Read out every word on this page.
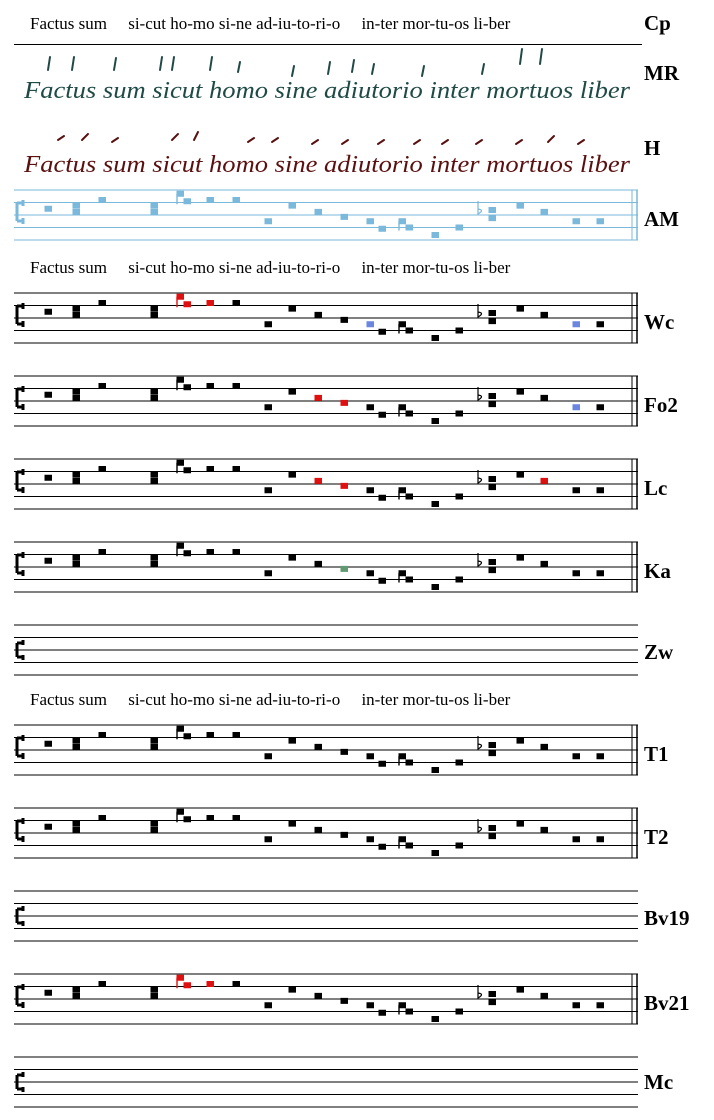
Factus sum     si-cut ho-mo si-ne ad-iu-to-ri-o     in-ter mor-tu-os li-ber	Cp
Factus sum sicut homo sine adiutorio inter mortuos liber
MR
Factus sum sicut homo sine adiutorio inter mortuos liber
H
AM
Factus sum     si-cut ho-mo si-ne ad-iu-to-ri-o     in-ter mor-tu-os li-ber
Wc
Fo2
Lc
Ka
Zw
Factus sum     si-cut ho-mo si-ne ad-iu-to-ri-o     in-ter mor-tu-os li-ber
T1
T2
Bv19
Bv21
Mc
